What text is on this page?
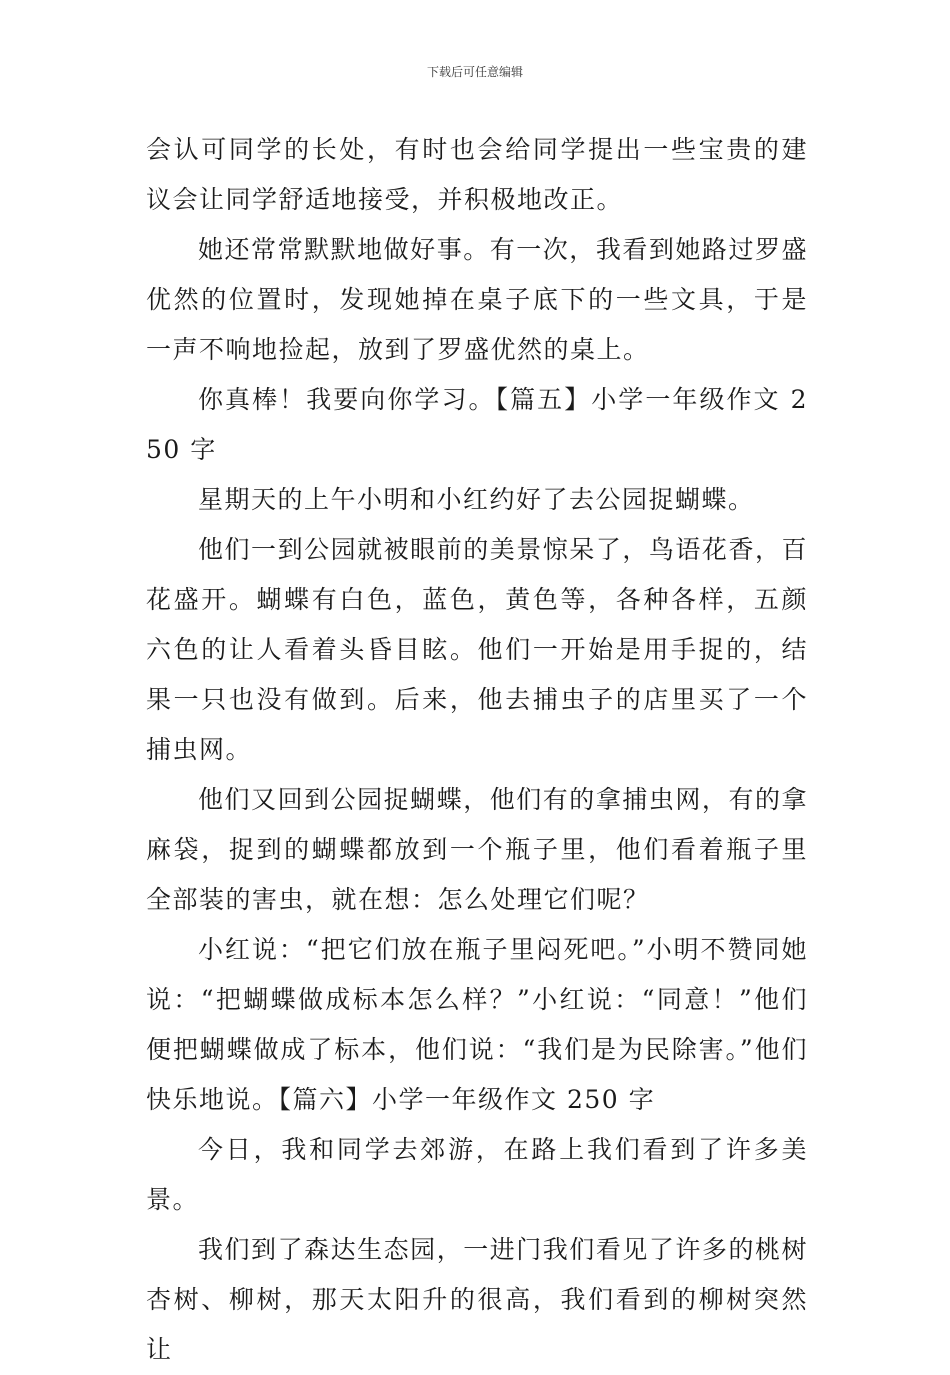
下载后可任意编辑

会认可同学的长处，有时也会给同学提出一些宝贵的建议会让同学舒适地接受，并积极地改正。

她还常常默默地做好事。有一次，我看到她路过罗盛优然的位置时，发现她掉在桌子底下的一些文具，于是一声不响地捡起，放到了罗盛优然的桌上。

你真棒！我要向你学习。【篇五】小学一年级作文 250 字

星期天的上午小明和小红约好了去公园捉蝴蝶。

他们一到公园就被眼前的美景惊呆了，鸟语花香，百花盛开。蝴蝶有白色，蓝色，黄色等，各种各样，五颜六色的让人看着头昏目眩。他们一开始是用手捉的，结果一只也没有做到。后来，他去捕虫子的店里买了一个捕虫网。

他们又回到公园捉蝴蝶，他们有的拿捕虫网，有的拿麻袋，捉到的蝴蝶都放到一个瓶子里，他们看着瓶子里全部装的害虫，就在想：怎么处理它们呢？

小红说：“把它们放在瓶子里闷死吧。”小明不赞同她说：“把蝴蝶做成标本怎么样？”小红说：“同意！”他们便把蝴蝶做成了标本，他们说：“我们是为民除害。”他们快乐地说。【篇六】小学一年级作文 250 字

今日，我和同学去郊游，在路上我们看到了许多美景。

我们到了森达生态园，一进门我们看见了许多的桃树杏树、柳树，那天太阳升的很高，我们看到的柳树突然让
